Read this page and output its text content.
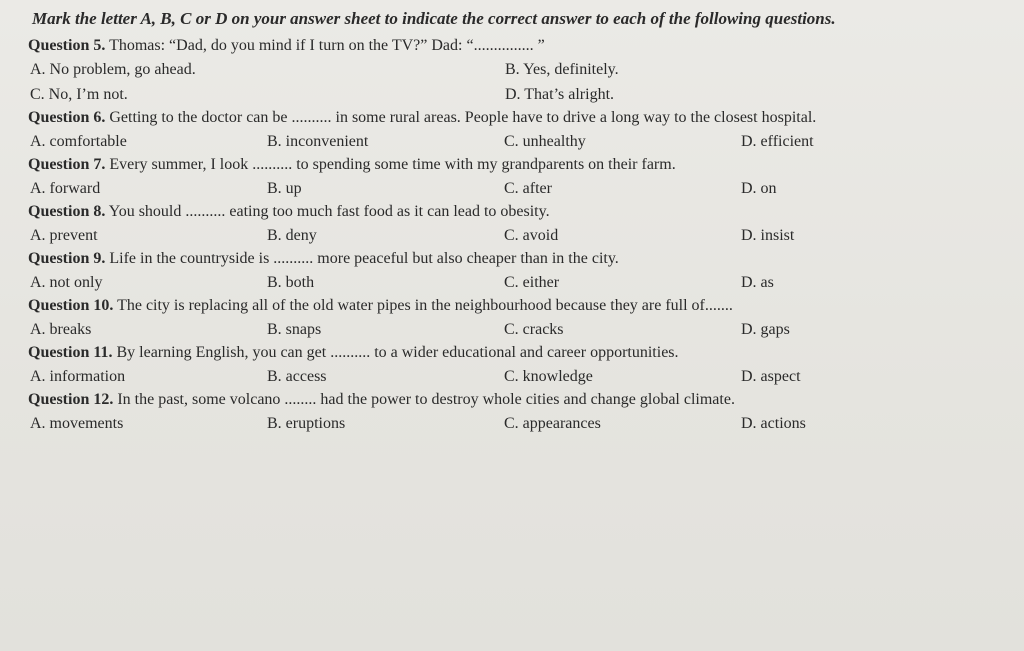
Mark the letter A, B, C or D on your answer sheet to indicate the correct answer to each of the following questions.
Question 5. Thomas: “Dad, do you mind if I turn on the TV?” Dad: “............... ”
A. No problem, go ahead.	B. Yes, definitely.
C. No, I’m not.	D. That’s alright.
Question 6. Getting to the doctor can be .......... in some rural areas. People have to drive a long way to the closest hospital.
A. comfortable	B. inconvenient	C. unhealthy	D. efficient
Question 7. Every summer, I look .......... to spending some time with my grandparents on their farm.
A. forward	B. up	C. after	D. on
Question 8. You should .......... eating too much fast food as it can lead to obesity.
A. prevent	B. deny	C. avoid	D. insist
Question 9. Life in the countryside is .......... more peaceful but also cheaper than in the city.
A. not only	B. both	C. either	D. as
Question 10. The city is replacing all of the old water pipes in the neighbourhood because they are full of.......
A. breaks	B. snaps	C. cracks	D. gaps
Question 11. By learning English, you can get .......... to a wider educational and career opportunities.
A. information	B. access	C. knowledge	D. aspect
Question 12. In the past, some volcano ........ had the power to destroy whole cities and change global climate.
A. movements	B. eruptions	C. appearances	D. actions
